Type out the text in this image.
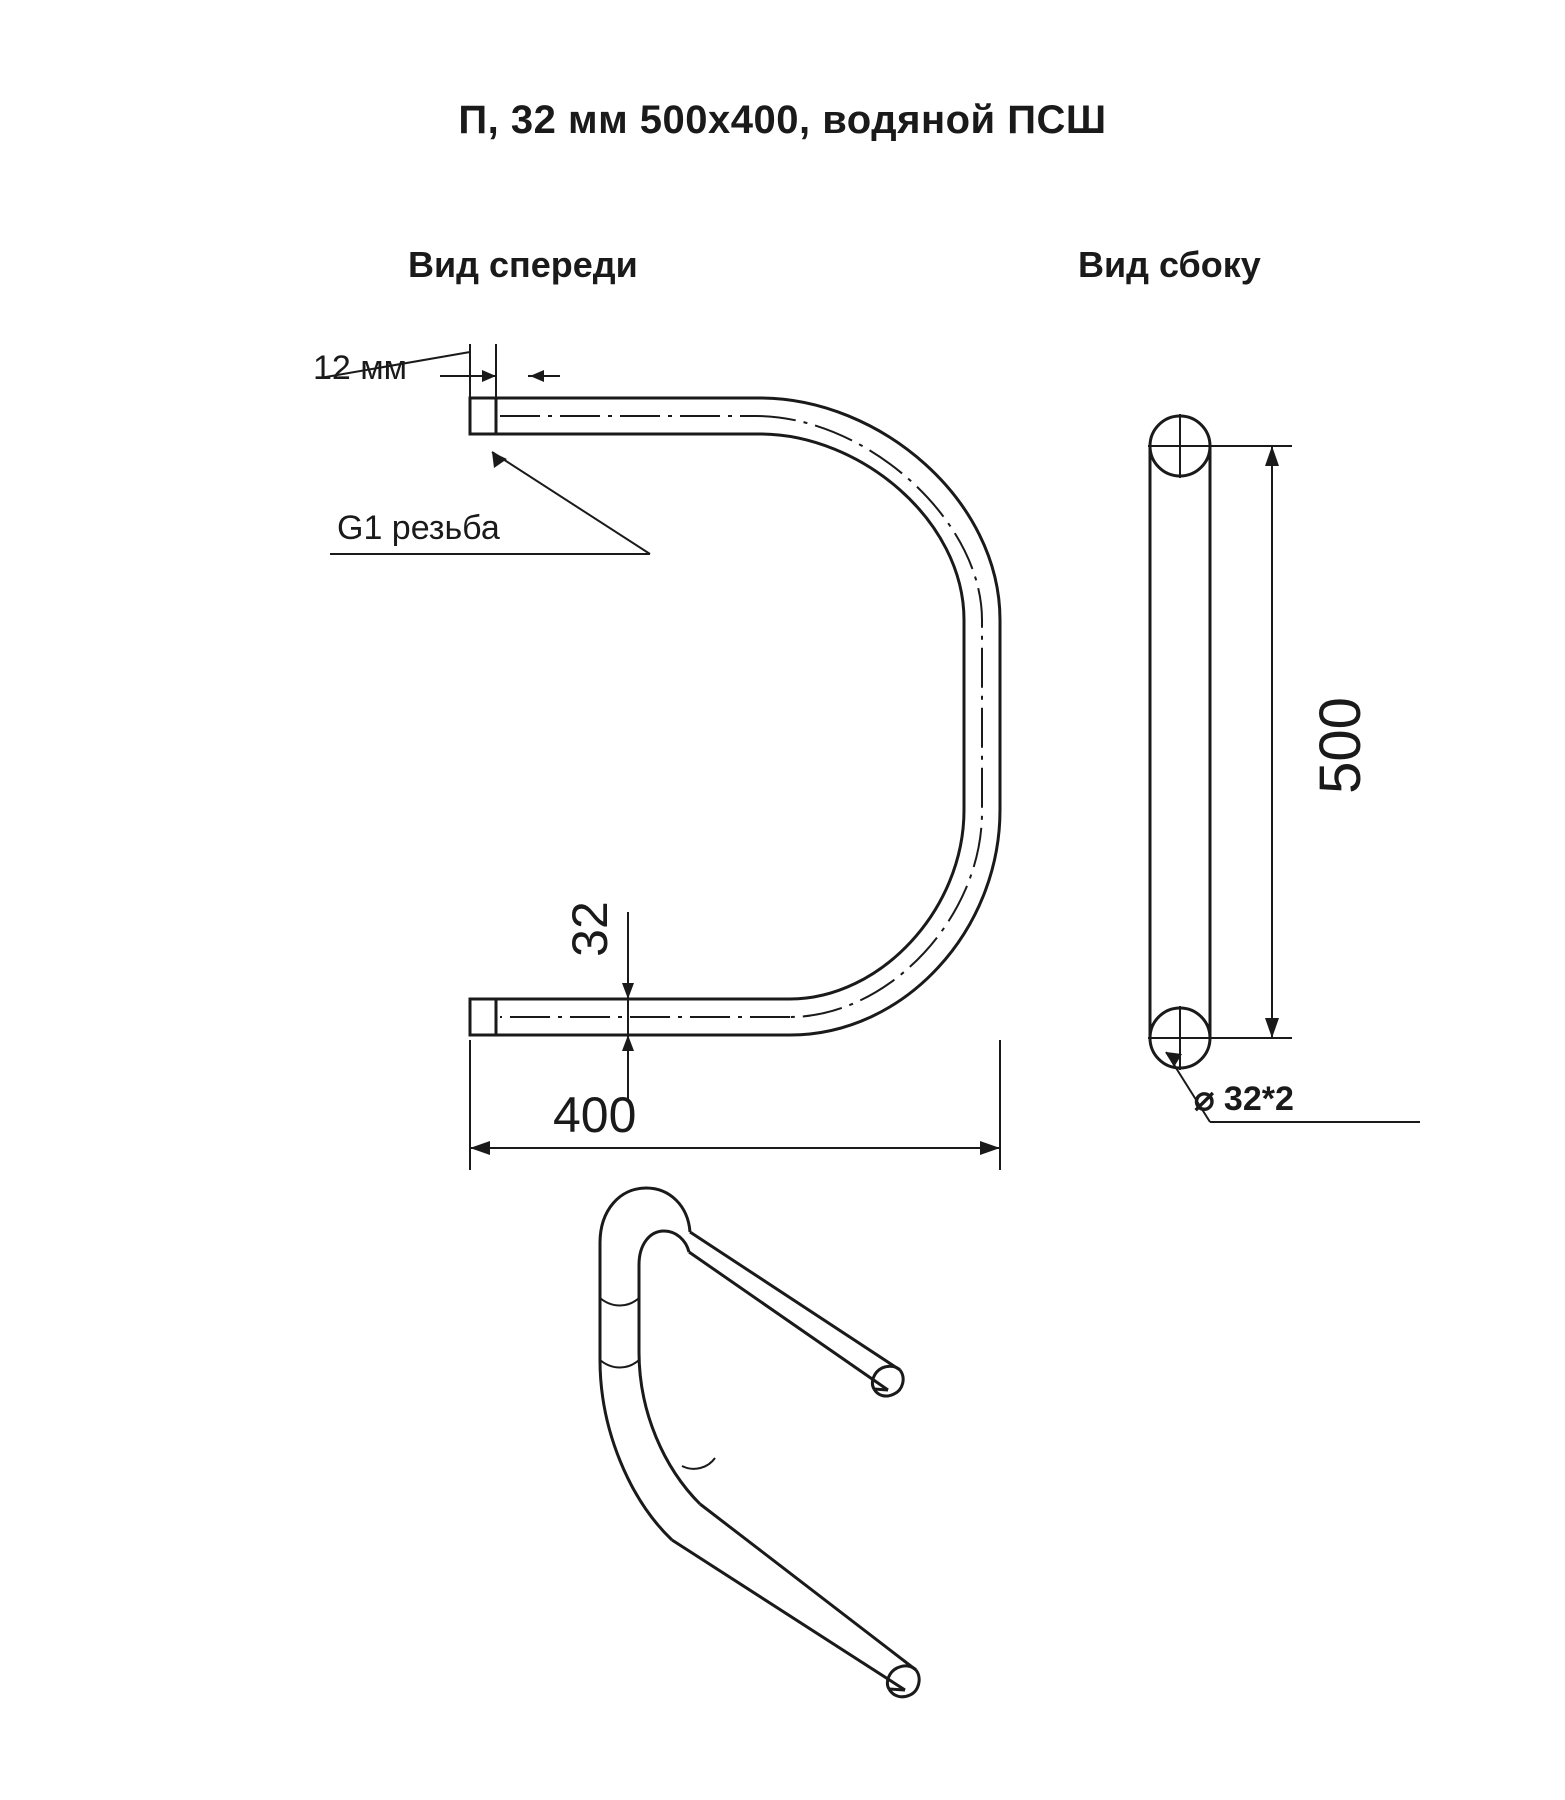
П, 32 мм 500х400, водяной ПСШ
Вид спереди	Вид сбоку
12 мм
G1 резьба
32
400
500
⌀ 32*2
